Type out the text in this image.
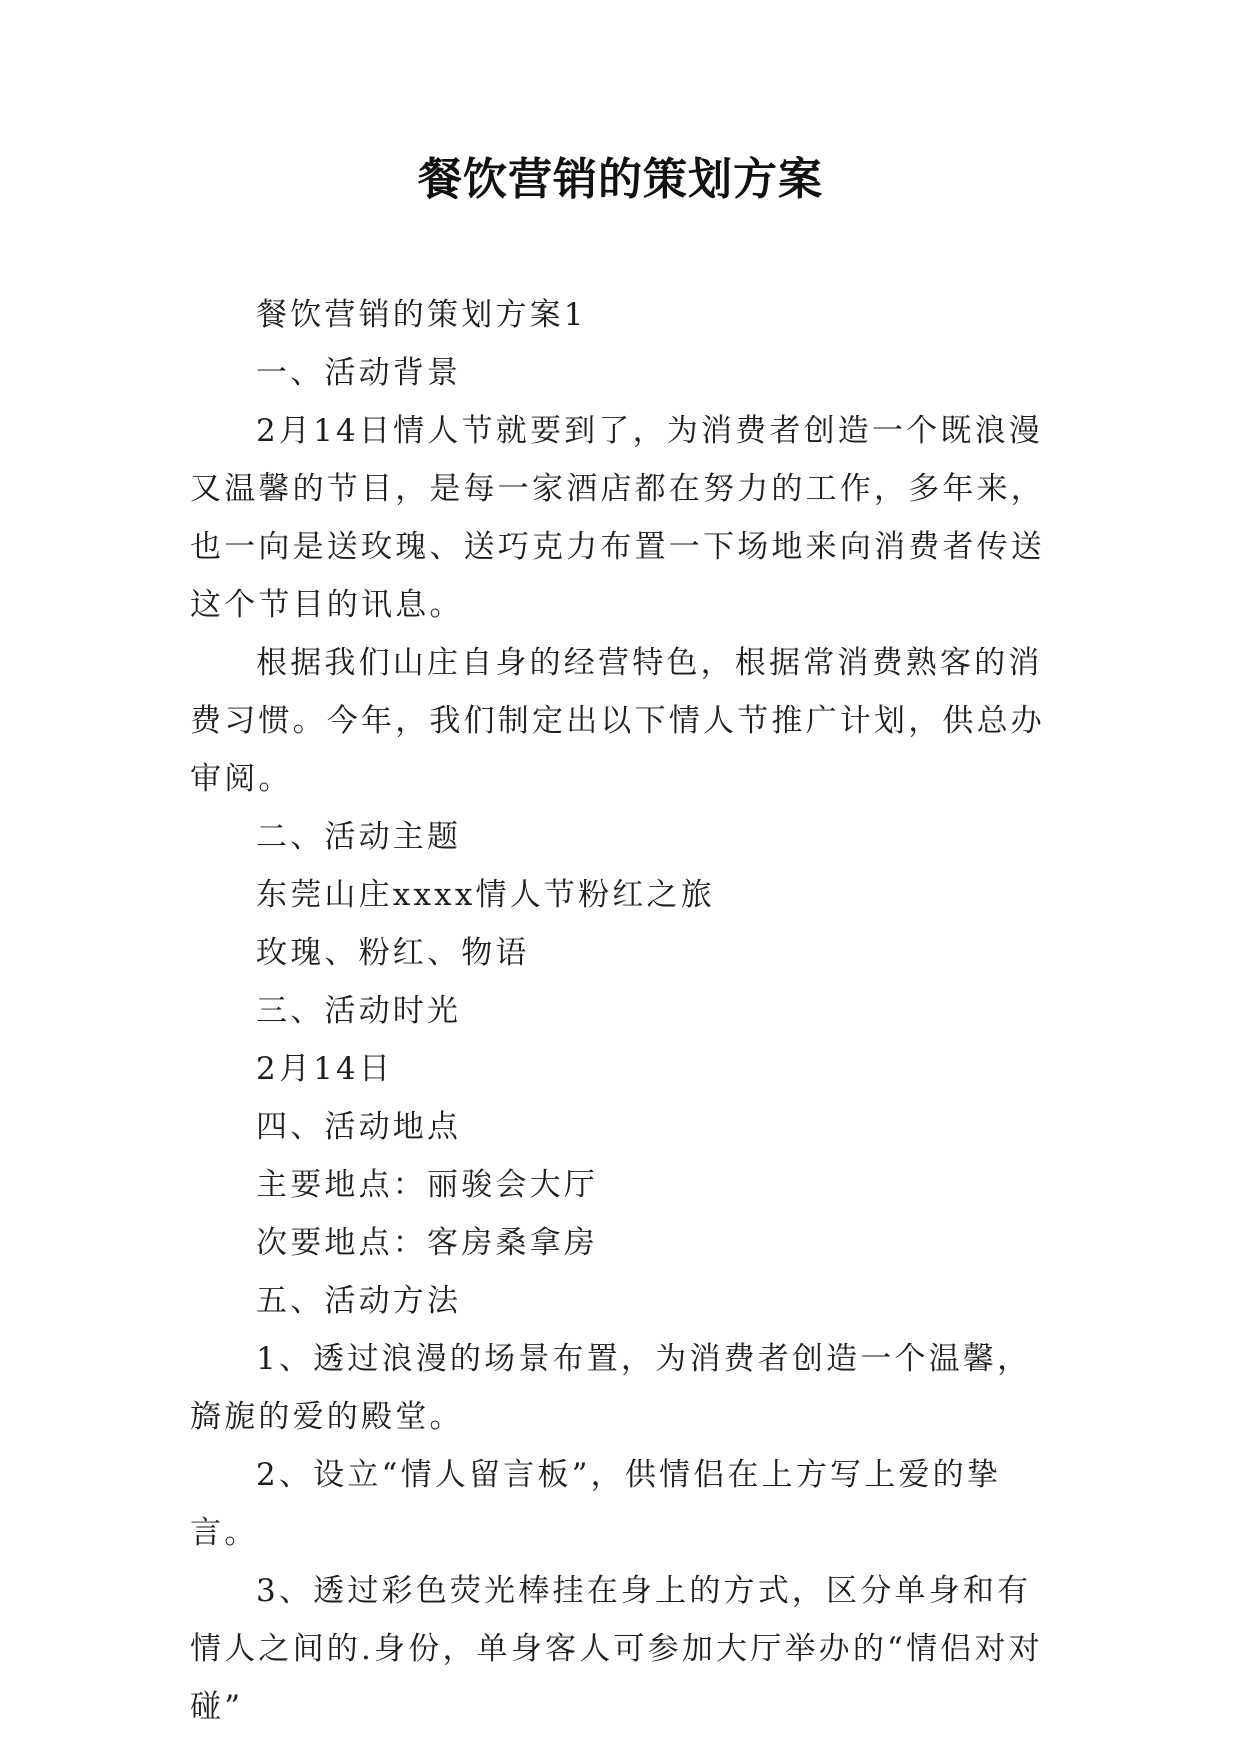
餐饮营销的策划方案

餐饮营销的策划方案1

一、活动背景

2月14日情人节就要到了，为消费者创造一个既浪漫又温馨的节目，是每一家酒店都在努力的工作，多年来，也一向是送玫瑰、送巧克力布置一下场地来向消费者传送这个节目的讯息。

根据我们山庄自身的经营特色，根据常消费熟客的消费习惯。今年，我们制定出以下情人节推广计划，供总办审阅。

二、活动主题

东莞山庄xxxx情人节粉红之旅

玫瑰、粉红、物语

三、活动时光

2月14日

四、活动地点

主要地点：丽骏会大厅

次要地点：客房桑拿房

五、活动方法

1、透过浪漫的场景布置，为消费者创造一个温馨，旖旎的爱的殿堂。

2、设立“情人留言板”，供情侣在上方写上爱的挚言。

3、透过彩色荧光棒挂在身上的方式，区分单身和有情人之间的.身份，单身客人可参加大厅举办的“情侣对对碰”
